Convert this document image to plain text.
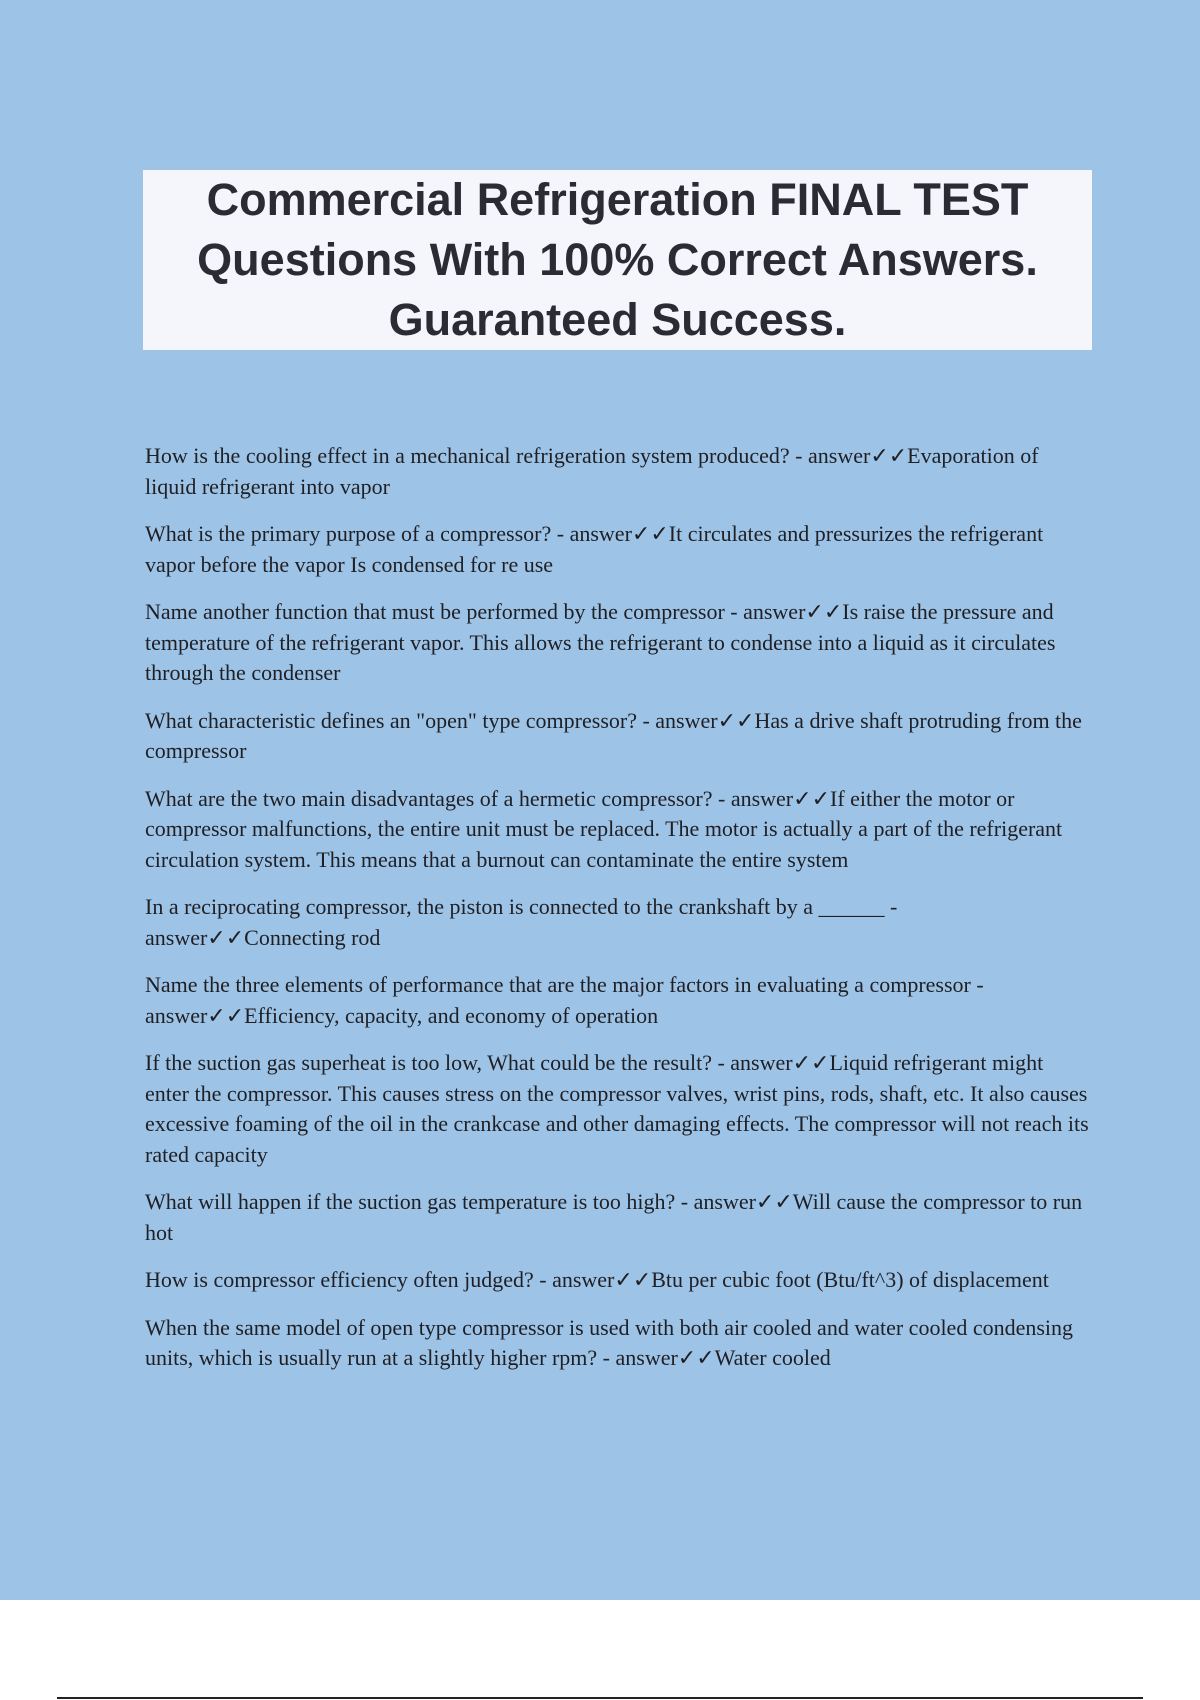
Commercial Refrigeration FINAL TEST Questions With 100% Correct Answers. Guaranteed Success.
How is the cooling effect in a mechanical refrigeration system produced? - answer✓✓Evaporation of liquid refrigerant into vapor
What is the primary purpose of a compressor? - answer✓✓It circulates and pressurizes the refrigerant vapor before the vapor Is condensed for re use
Name another function that must be performed by the compressor - answer✓✓Is raise the pressure and temperature of the refrigerant vapor. This allows the refrigerant to condense into a liquid as it circulates through the condenser
What characteristic defines an "open" type compressor? - answer✓✓Has a drive shaft protruding from the compressor
What are the two main disadvantages of a hermetic compressor? - answer✓✓If either the motor or compressor malfunctions, the entire unit must be replaced. The motor is actually a part of the refrigerant circulation system. This means that a burnout can contaminate the entire system
In a reciprocating compressor, the piston is connected to the crankshaft by a ______ - answer✓✓Connecting rod
Name the three elements of performance that are the major factors in evaluating a compressor - answer✓✓Efficiency, capacity, and economy of operation
If the suction gas superheat is too low, What could be the result? - answer✓✓Liquid refrigerant might enter the compressor. This causes stress on the compressor valves, wrist pins, rods, shaft, etc. It also causes excessive foaming of the oil in the crankcase and other damaging effects. The compressor will not reach its rated capacity
What will happen if the suction gas temperature is too high? - answer✓✓Will cause the compressor to run hot
How is compressor efficiency often judged? - answer✓✓Btu per cubic foot (Btu/ft^3) of displacement
When the same model of open type compressor is used with both air cooled and water cooled condensing units, which is usually run at a slightly higher rpm? - answer✓✓Water cooled
